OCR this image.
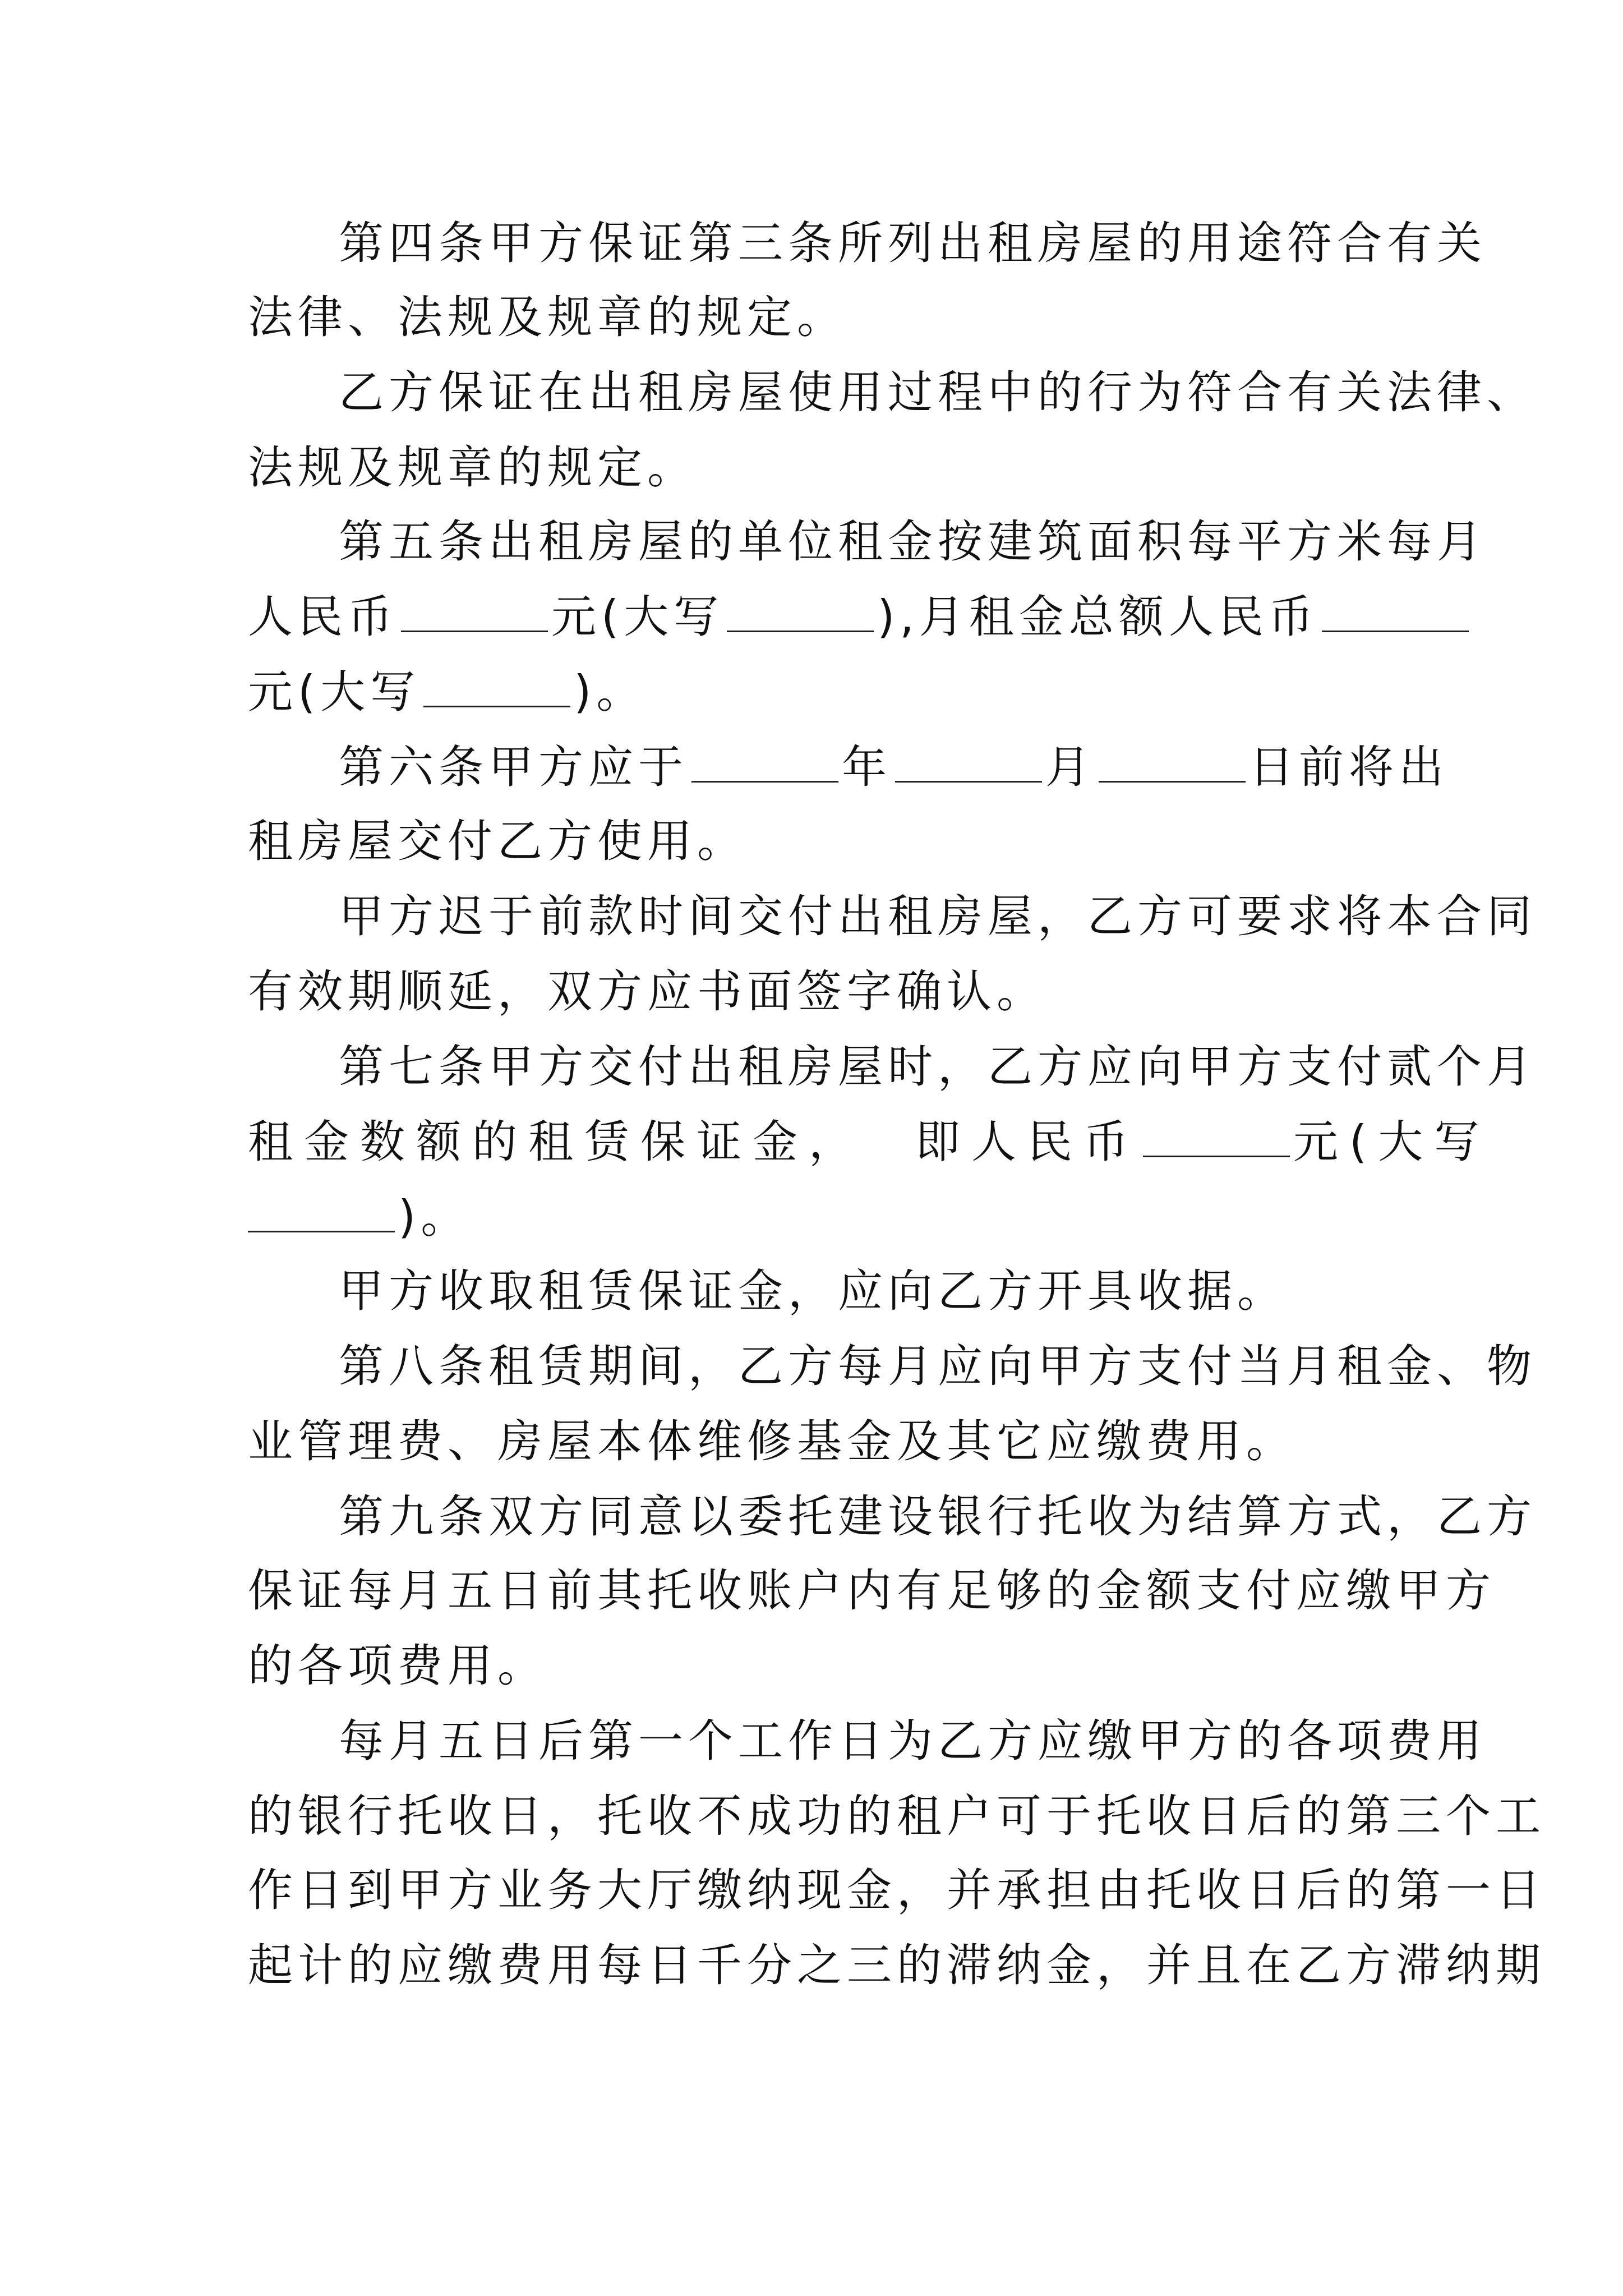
第四条甲方保证第三条所列出租房屋的用途符合有关
法律、法规及规章的规定。
乙方保证在出租房屋使用过程中的行为符合有关法律、
法规及规章的规定。
第五条出租房屋的单位租金按建筑面积每平方米每月
人民币	元(大写	),月租金总额人民币
元(大写	)。
第六条甲方应于	年	月	日前将出
租房屋交付乙方使用。
甲方迟于前款时间交付出租房屋，乙方可要求将本合同
有效期顺延，双方应书面签字确认。
第七条甲方交付出租房屋时，乙方应向甲方支付贰个月
租金数额的租赁保证金， 即人民币	元(大写
)。
甲方收取租赁保证金，应向乙方开具收据。
第八条租赁期间，乙方每月应向甲方支付当月租金、物
业管理费、房屋本体维修基金及其它应缴费用。
第九条双方同意以委托建设银行托收为结算方式，乙方
保证每月五日前其托收账户内有足够的金额支付应缴甲方
的各项费用。
每月五日后第一个工作日为乙方应缴甲方的各项费用
的银行托收日，托收不成功的租户可于托收日后的第三个工
作日到甲方业务大厅缴纳现金，并承担由托收日后的第一日
起计的应缴费用每日千分之三的滞纳金，并且在乙方滞纳期
